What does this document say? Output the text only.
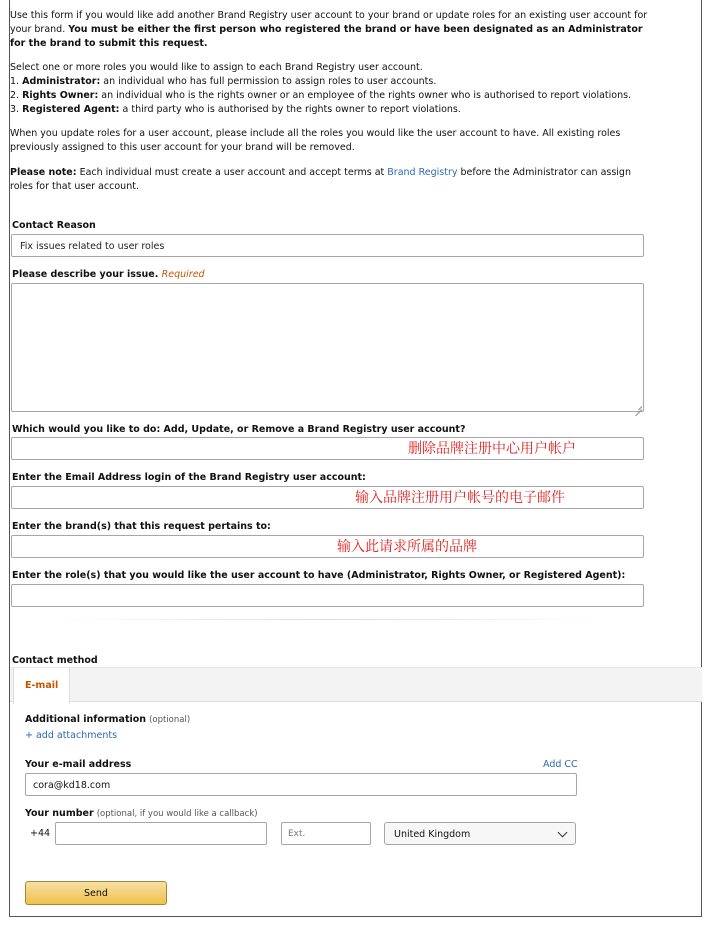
Use this form if you would like add another Brand Registry user account to your brand or update roles for an existing user account for your brand. You must be either the first person who registered the brand or have been designated as an Administrator for the brand to submit this request.

Select one or more roles you would like to assign to each Brand Registry user account.
1. Administrator: an individual who has full permission to assign roles to user accounts.
2. Rights Owner: an individual who is the rights owner or an employee of the rights owner who is authorised to report violations.
3. Registered Agent: a third party who is authorised by the rights owner to report violations.

When you update roles for a user account, please include all the roles you would like the user account to have. All existing roles previously assigned to this user account for your brand will be removed.

Please note: Each individual must create a user account and accept terms at Brand Registry before the Administrator can assign roles for that user account.

Contact Reason
Fix issues related to user roles
Please describe your issue. Required
Which would you like to do: Add, Update, or Remove a Brand Registry user account?
删除品牌注册中心用户帐户
Enter the Email Address login of the Brand Registry user account:
输入品牌注册用户帐号的电子邮件
Enter the brand(s) that this request pertains to:
输入此请求所属的品牌
Enter the role(s) that you would like the user account to have (Administrator, Rights Owner, or Registered Agent):
Contact method
E-mail
Additional information (optional)
+ add attachments
Your e-mail address	Add CC
cora@kd18.com
Your number (optional, if you would like a callback)
+44	Ext.	United Kingdom
Send
